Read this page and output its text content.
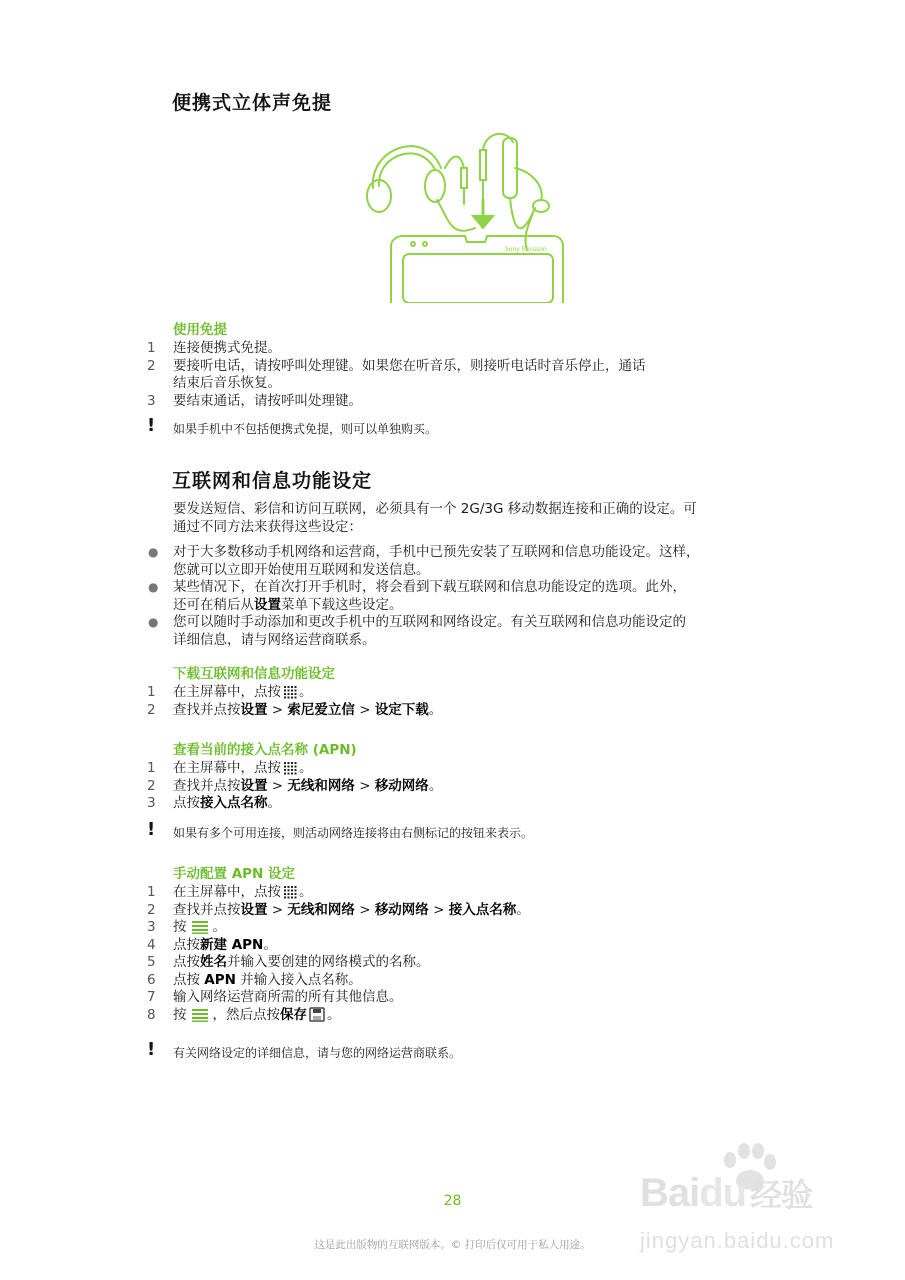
便携式立体声免提
Sony Ericsson
使用免提
1	连接便携式免提。
2	要接听电话，请按呼叫处理键。如果您在听音乐，则接听电话时音乐停止，通话
结束后音乐恢复。
3	要结束通话，请按呼叫处理键。
! 如果手机中不包括便携式免提，则可以单独购买。
互联网和信息功能设定
要发送短信、彩信和访问互联网，必须具有一个 2G/3G 移动数据连接和正确的设定。可
通过不同方法来获得这些设定：
● 对于大多数移动手机网络和运营商，手机中已预先安装了互联网和信息功能设定。这样，
您就可以立即开始使用互联网和发送信息。
● 某些情况下，在首次打开手机时，将会看到下载互联网和信息功能设定的选项。此外，
还可在稍后从设置菜单下载这些设定。
● 您可以随时手动添加和更改手机中的互联网和网络设定。有关互联网和信息功能设定的
详细信息，请与网络运营商联系。
下载互联网和信息功能设定
1	在主屏幕中，点按 。
2	查找并点按设置 > 索尼爱立信 > 设定下载。
查看当前的接入点名称 (APN)
1	在主屏幕中，点按 。
2	查找并点按设置 > 无线和网络 > 移动网络。
3	点按接入点名称。
! 如果有多个可用连接，则活动网络连接将由右侧标记的按钮来表示。
手动配置 APN 设定
1	在主屏幕中，点按 。
2	查找并点按设置 > 无线和网络 > 移动网络 > 接入点名称。
3	按 。
4	点按新建 APN。
5	点按姓名并输入要创建的网络模式的名称。
6	点按 APN 并输入接入点名称。
7	输入网络运营商所需的所有其他信息。
8	按 ，然后点按保存 。
! 有关网络设定的详细信息，请与您的网络运营商联系。
Baidu 经验
jingyan.baidu.com
28
这是此出版物的互联网版本。© 打印后仅可用于私人用途。
